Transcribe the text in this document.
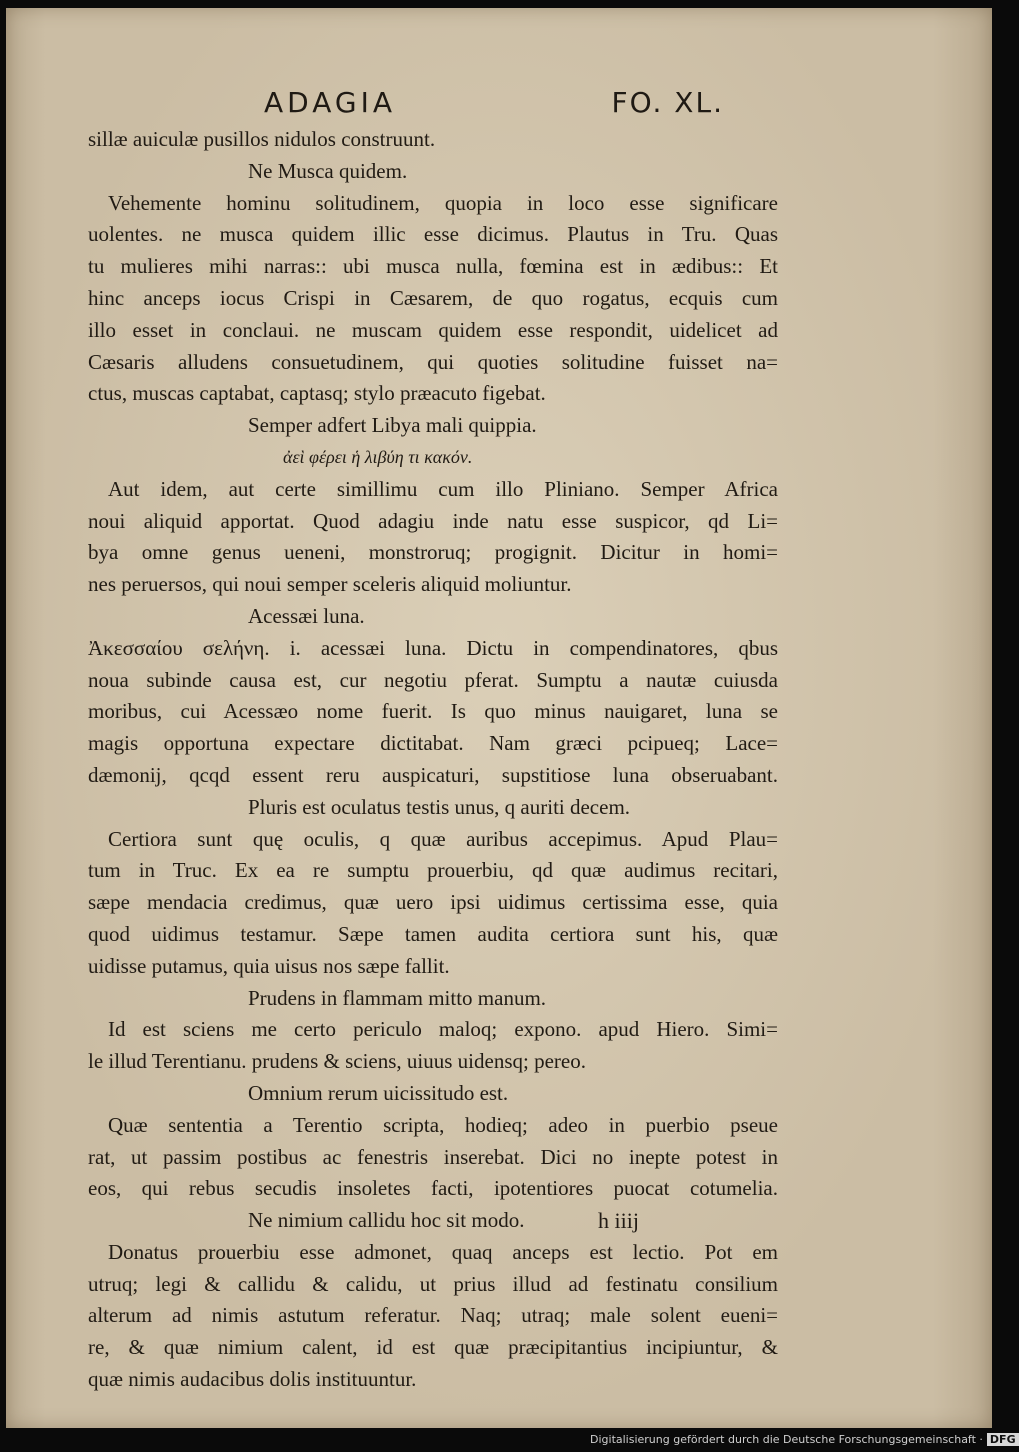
ADAGIA	FO. XL.
sillæ auiculæ pusillos nidulos construunt.
Ne Musca quidem.
Vehemente hominu solitudinem, quopia in loco esse significare
uolentes. ne musca quidem illic esse dicimus. Plautus in Tru. Quas
tu mulieres mihi narras:: ubi musca nulla, fœmina est in ædibus:: Et
hinc anceps iocus Crispi in Cæsarem, de quo rogatus, ecquis cum
illo esset in conclaui. ne muscam quidem esse respondit, uidelicet ad
Cæsaris alludens consuetudinem, qui quoties solitudine fuisset na=
ctus, muscas captabat, captasq; stylo præacuto figebat.
Semper adfert Libya mali quippia.
ἀεὶ φέρει ἡ λιβύη τι κακόν.
Aut idem, aut certe simillimu cum illo Pliniano. Semper Africa
noui aliquid apportat. Quod adagiu inde natu esse suspicor, qd Li=
bya omne genus ueneni, monstroruq; progignit. Dicitur in homi=
nes peruersos, qui noui semper sceleris aliquid moliuntur.
Acessæi luna.
Ἀκεσσαίου σελήνη. i. acessæi luna. Dictu in compendinatores, qbus
noua subinde causa est, cur negotiu pferat. Sumptu a nautæ cuiusda
moribus, cui Acessæo nome fuerit. Is quo minus nauigaret, luna se
magis opportuna expectare dictitabat. Nam græci pcipueq; Lace=
dæmonij, qcqd essent reru auspicaturi, supstitiose luna obseruabant.
Pluris est oculatus testis unus, q auriti decem.
Certiora sunt quę oculis, q quæ auribus accepimus. Apud Plau=
tum in Truc. Ex ea re sumptu prouerbiu, qd quæ audimus recitari,
sæpe mendacia credimus, quæ uero ipsi uidimus certissima esse, quia
quod uidimus testamur. Sæpe tamen audita certiora sunt his, quæ
uidisse putamus, quia uisus nos sæpe fallit.
Prudens in flammam mitto manum.
Id est sciens me certo periculo maloq; expono. apud Hiero. Simi=
le illud Terentianu. prudens & sciens, uiuus uidensq; pereo.
Omnium rerum uicissitudo est.
Quæ sententia a Terentio scripta, hodieq; adeo in puerbio pseue
rat, ut passim postibus ac fenestris inserebat. Dici no inepte potest in
eos, qui rebus secudis insoletes facti, ipotentiores puocat cotumelia.
Ne nimium callidu hoc sit modo.
Donatus prouerbiu esse admonet, quaq anceps est lectio. Pot em
utruq; legi & callidu & calidu, ut prius illud ad festinatu consilium
alterum ad nimis astutum referatur. Naq; utraq; male solent eueni=
re, & quæ nimium calent, id est quæ præcipitantius incipiuntur, &
quæ nimis audacibus dolis instituuntur.
h iiij
Digitalisierung gefördert durch die Deutsche Forschungsgemeinschaft · DFG
